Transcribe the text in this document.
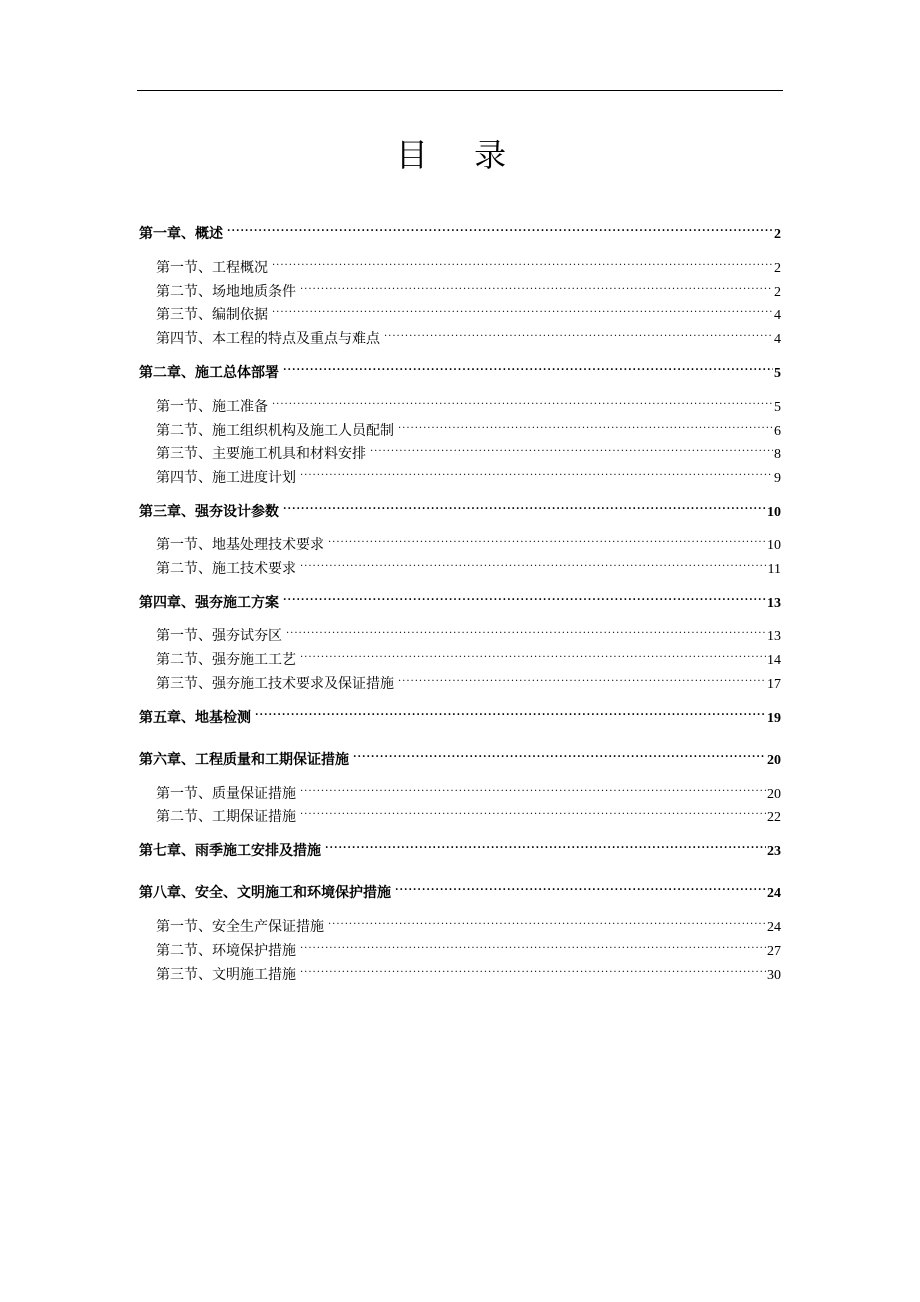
目 录
第一章、概述 .....	2
第一节、工程概况 .....	2
第二节、场地地质条件 .....	2
第三节、编制依据 .....	4
第四节、本工程的特点及重点与难点 .....	4
第二章、施工总体部署 .....	5
第一节、施工准备 .....	5
第二节、施工组织机构及施工人员配制 .....	6
第三节、主要施工机具和材料安排 .....	8
第四节、施工进度计划 .....	9
第三章、强夯设计参数 .....	10
第一节、地基处理技术要求 .....	10
第二节、施工技术要求 .....	11
第四章、强夯施工方案 .....	13
第一节、强夯试夯区 .....	13
第二节、强夯施工工艺 .....	14
第三节、强夯施工技术要求及保证措施 .....	17
第五章、地基检测 .....	19
第六章、工程质量和工期保证措施 .....	20
第一节、质量保证措施 .....	20
第二节、工期保证措施 .....	22
第七章、雨季施工安排及措施 .....	23
第八章、安全、文明施工和环境保护措施 .....	24
第一节、安全生产保证措施 .....	24
第二节、环境保护措施 .....	27
第三节、文明施工措施 .....	30
